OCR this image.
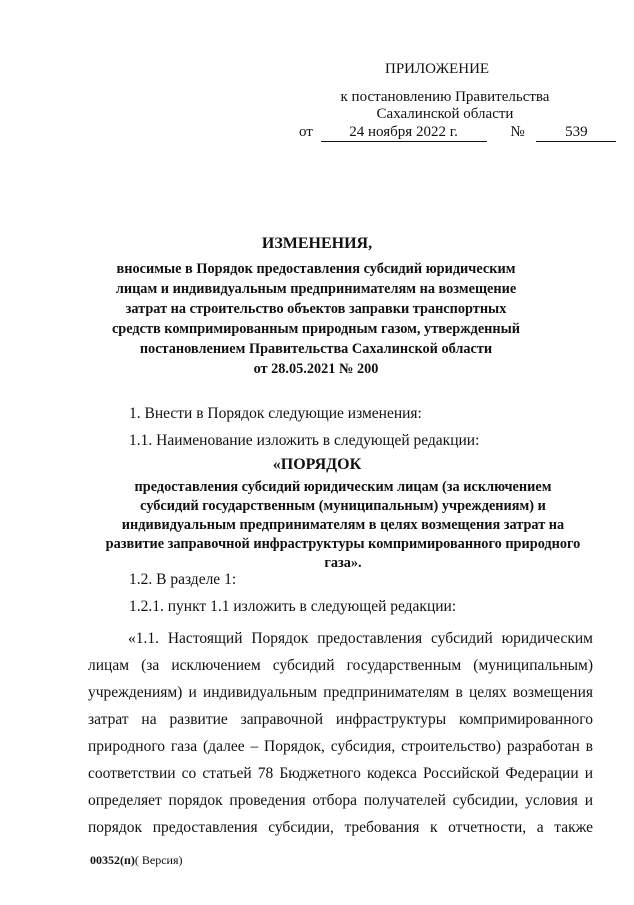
ПРИЛОЖЕНИЕ
к постановлению Правительства
Сахалинской области
от 24 ноября 2022 г.	№	539
ИЗМЕНЕНИЯ,
вносимые в Порядок предоставления субсидий юридическим
лицам и индивидуальным предпринимателям на возмещение
затрат на строительство объектов заправки транспортных
средств компримированным природным газом, утвержденный
постановлением Правительства Сахалинской области
от 28.05.2021 № 200
1. Внести в Порядок следующие изменения:
1.1. Наименование изложить в следующей редакции:
«ПОРЯДОК
предоставления субсидий юридическим лицам (за исключением
субсидий государственным (муниципальным) учреждениям) и
индивидуальным предпринимателям в целях возмещения затрат на
развитие заправочной инфраструктуры компримированного природного
газа».
1.2. В разделе 1:
1.2.1. пункт 1.1 изложить в следующей редакции:
«1.1. Настоящий Порядок предоставления субсидий юридическим
лицам (за исключением субсидий государственным (муниципальным)
учреждениям) и индивидуальным предпринимателям в целях возмещения
затрат на развитие заправочной инфраструктуры компримированного
природного газа (далее – Порядок, субсидия, строительство) разработан в
соответствии со статьей 78 Бюджетного кодекса Российской Федерации и
определяет порядок проведения отбора получателей субсидии, условия и
порядок предоставления субсидии, требования к отчетности, а также
00352(п)( Версия)
